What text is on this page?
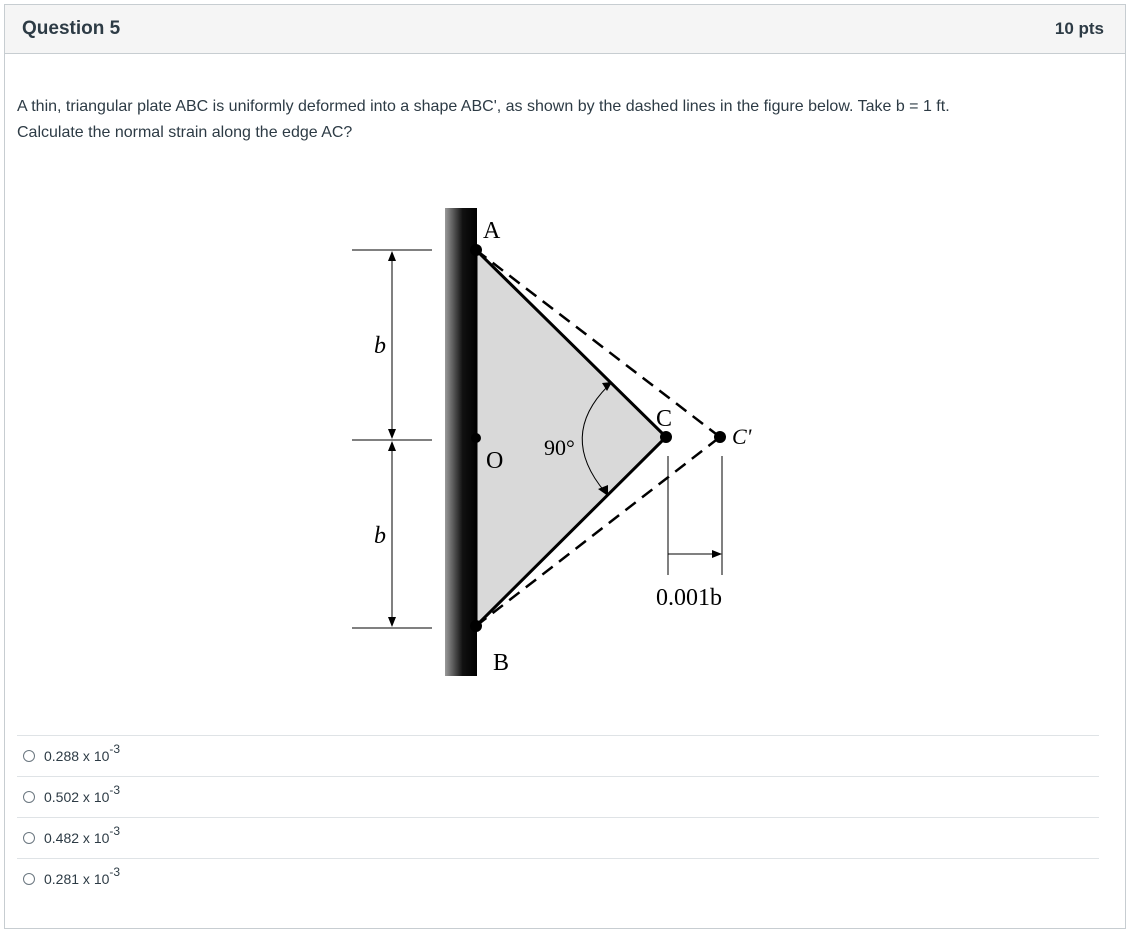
Question 5	10 pts

A thin, triangular plate ABC is uniformly deformed into a shape ABC', as shown by the dashed lines in the figure below. Take b = 1 ft.

Calculate the normal strain along the edge AC?

A
O
B
C
C'
b
b
90°
0.001b
0.288 x 10 -3
0.502 x 10 -3
0.482 x 10 -3
0.281 x 10 -3
